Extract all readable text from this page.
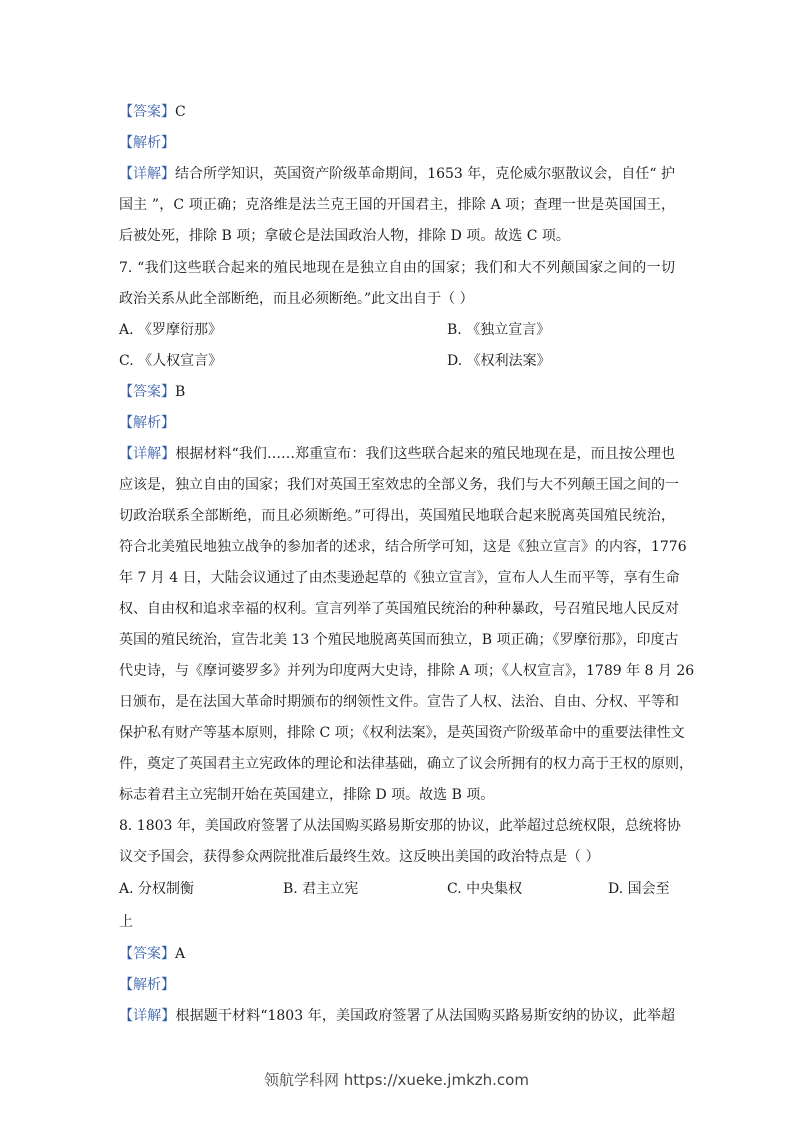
【答案】C
【解析】
【详解】结合所学知识，英国资产阶级革命期间，1653 年，克伦威尔驱散议会，自任“ 护
国主 ”，C 项正确；克洛维是法兰克王国的开国君主，排除 A 项；查理一世是英国国王，
后被处死，排除 B 项；拿破仑是法国政治人物，排除 D 项。故选 C 项。
7. “我们这些联合起来的殖民地现在是独立自由的国家；我们和大不列颠国家之间的一切
政治关系从此全部断绝，而且必须断绝。”此文出自于（ ）
A. 《罗摩衍那》	B. 《独立宣言》
C. 《人权宣言》	D. 《权利法案》
【答案】B
【解析】
【详解】根据材料“我们……郑重宣布：我们这些联合起来的殖民地现在是，而且按公理也
应该是，独立自由的国家；我们对英国王室效忠的全部义务，我们与大不列颠王国之间的一
切政治联系全部断绝，而且必须断绝。”可得出，英国殖民地联合起来脱离英国殖民统治，
符合北美殖民地独立战争的参加者的述求，结合所学可知，这是《独立宣言》的内容，1776
年 7 月 4 日，大陆会议通过了由杰斐逊起草的《独立宣言》，宣布人人生而平等，享有生命
权、自由权和追求幸福的权利。宣言列举了英国殖民统治的种种暴政，号召殖民地人民反对
英国的殖民统治，宣告北美 13 个殖民地脱离英国而独立，B 项正确；《罗摩衍那》，印度古
代史诗，与《摩诃婆罗多》并列为印度两大史诗，排除 A 项；《人权宣言》，1789 年 8 月 26
日颁布，是在法国大革命时期颁布的纲领性文件。宣告了人权、法治、自由、分权、平等和
保护私有财产等基本原则，排除 C 项；《权利法案》，是英国资产阶级革命中的重要法律性文
件，奠定了英国君主立宪政体的理论和法律基础，确立了议会所拥有的权力高于王权的原则，
标志着君主立宪制开始在英国建立，排除 D 项。故选 B 项。
8. 1803 年，美国政府签署了从法国购买路易斯安那的协议，此举超过总统权限，总统将协
议交予国会，获得参众两院批准后最终生效。这反映出美国的政治特点是（ ）
A. 分权制衡	B. 君主立宪	C. 中央集权	D. 国会至
上
【答案】A
【解析】
【详解】根据题干材料“1803 年，美国政府签署了从法国购买路易斯安纳的协议，此举超
领航学科网 https://xueke.jmkzh.com
